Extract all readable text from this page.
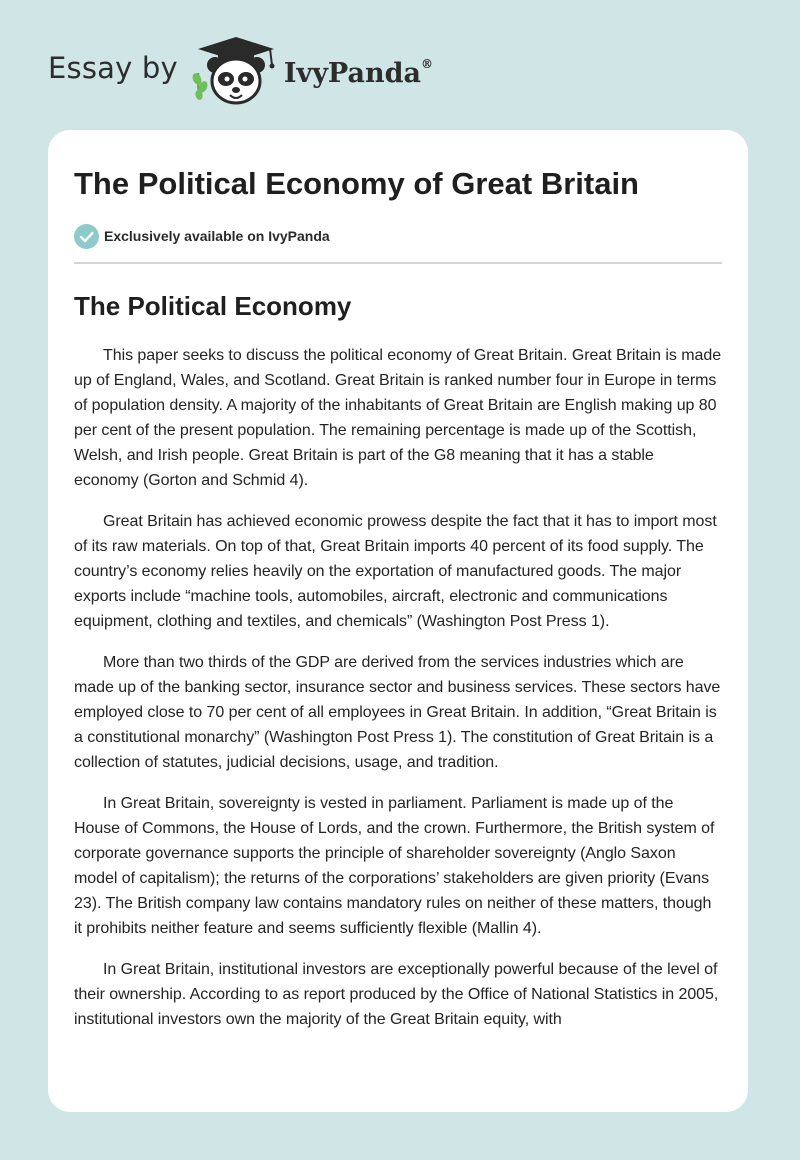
Essay by	IvyPanda®
The Political Economy of Great Britain
Exclusively available on IvyPanda
The Political Economy

This paper seeks to discuss the political economy of Great Britain. Great Britain is made up of England, Wales, and Scotland. Great Britain is ranked number four in Europe in terms of population density. A majority of the inhabitants of Great Britain are English making up 80 per cent of the present population. The remaining percentage is made up of the Scottish, Welsh, and Irish people. Great Britain is part of the G8 meaning that it has a stable economy (Gorton and Schmid 4).

Great Britain has achieved economic prowess despite the fact that it has to import most of its raw materials. On top of that, Great Britain imports 40 percent of its food supply. The country’s economy relies heavily on the exportation of manufactured goods. The major exports include “machine tools, automobiles, aircraft, electronic and communications equipment, clothing and textiles, and chemicals” (Washington Post Press 1).

More than two thirds of the GDP are derived from the services industries which are made up of the banking sector, insurance sector and business services. These sectors have employed close to 70 per cent of all employees in Great Britain. In addition, “Great Britain is a constitutional monarchy” (Washington Post Press 1). The constitution of Great Britain is a collection of statutes, judicial decisions, usage, and tradition.

In Great Britain, sovereignty is vested in parliament. Parliament is made up of the House of Commons, the House of Lords, and the crown. Furthermore, the British system of corporate governance supports the principle of shareholder sovereignty (Anglo Saxon model of capitalism); the returns of the corporations’ stakeholders are given priority (Evans 23). The British company law contains mandatory rules on neither of these matters, though it prohibits neither feature and seems sufficiently flexible (Mallin 4).

In Great Britain, institutional investors are exceptionally powerful because of the level of their ownership. According to as report produced by the Office of National Statistics in 2005, institutional investors own the majority of the Great Britain equity, with
